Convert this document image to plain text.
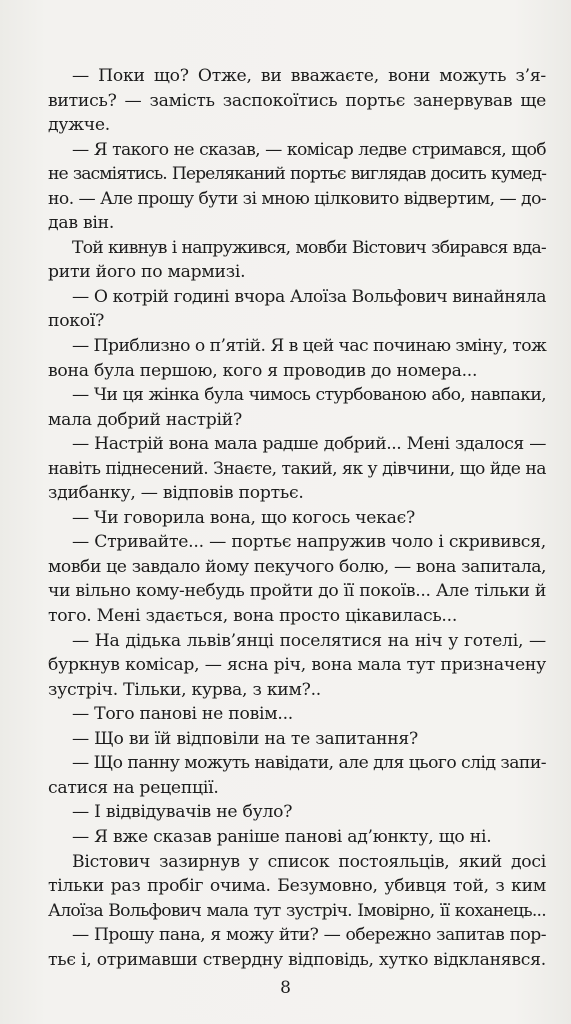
— Поки що? Отже, ви вважаєте, вони можуть з’я-
витись? — замість заспокоїтись портьє занервував ще
дужче.
— Я такого не сказав, — комісар ледве стримався, щоб
не засміятись. Переляканий портьє виглядав досить кумед-
но. — Але прошу бути зі мною цілковито відвертим, — до-
дав він.
Той кивнув і напружився, мовби Вістович збирався вда-
рити його по мармизі.
— О котрій годині вчора Алоїза Вольфович винайняла
покої?
— Приблизно о п’ятій. Я в цей час починаю зміну, тож
вона була першою, кого я проводив до номера...
— Чи ця жінка була чимось стурбованою або, навпаки,
мала добрий настрій?
— Настрій вона мала радше добрий... Мені здалося —
навіть піднесений. Знаєте, такий, як у дівчини, що йде на
здибанку, — відповів портьє.
— Чи говорила вона, що когось чекає?
— Стривайте... — портьє напружив чоло і скривився,
мовби це завдало йому пекучого болю, — вона запитала,
чи вільно кому-небудь пройти до її покоїв... Але тільки й
того. Мені здається, вона просто цікавилась...
— На дідька львів’янці поселятися на ніч у готелі, —
буркнув комісар, — ясна річ, вона мала тут призначену
зустріч. Тільки, курва, з ким?..
— Того панові не повім...
— Що ви їй відповіли на те запитання?
— Що панну можуть навідати, але для цього слід запи-
сатися на рецепції.
— І відвідувачів не було?
— Я вже сказав раніше панові ад’юнкту, що ні.
Вістович зазирнув у список постояльців, який досі
тільки раз пробіг очима. Безумовно, убивця той, з ким
Алоїза Вольфович мала тут зустріч. Імовірно, її коханець...
— Прошу пана, я можу йти? — обережно запитав пор-
тьє і, отримавши ствердну відповідь, хутко відкланявся.
8
